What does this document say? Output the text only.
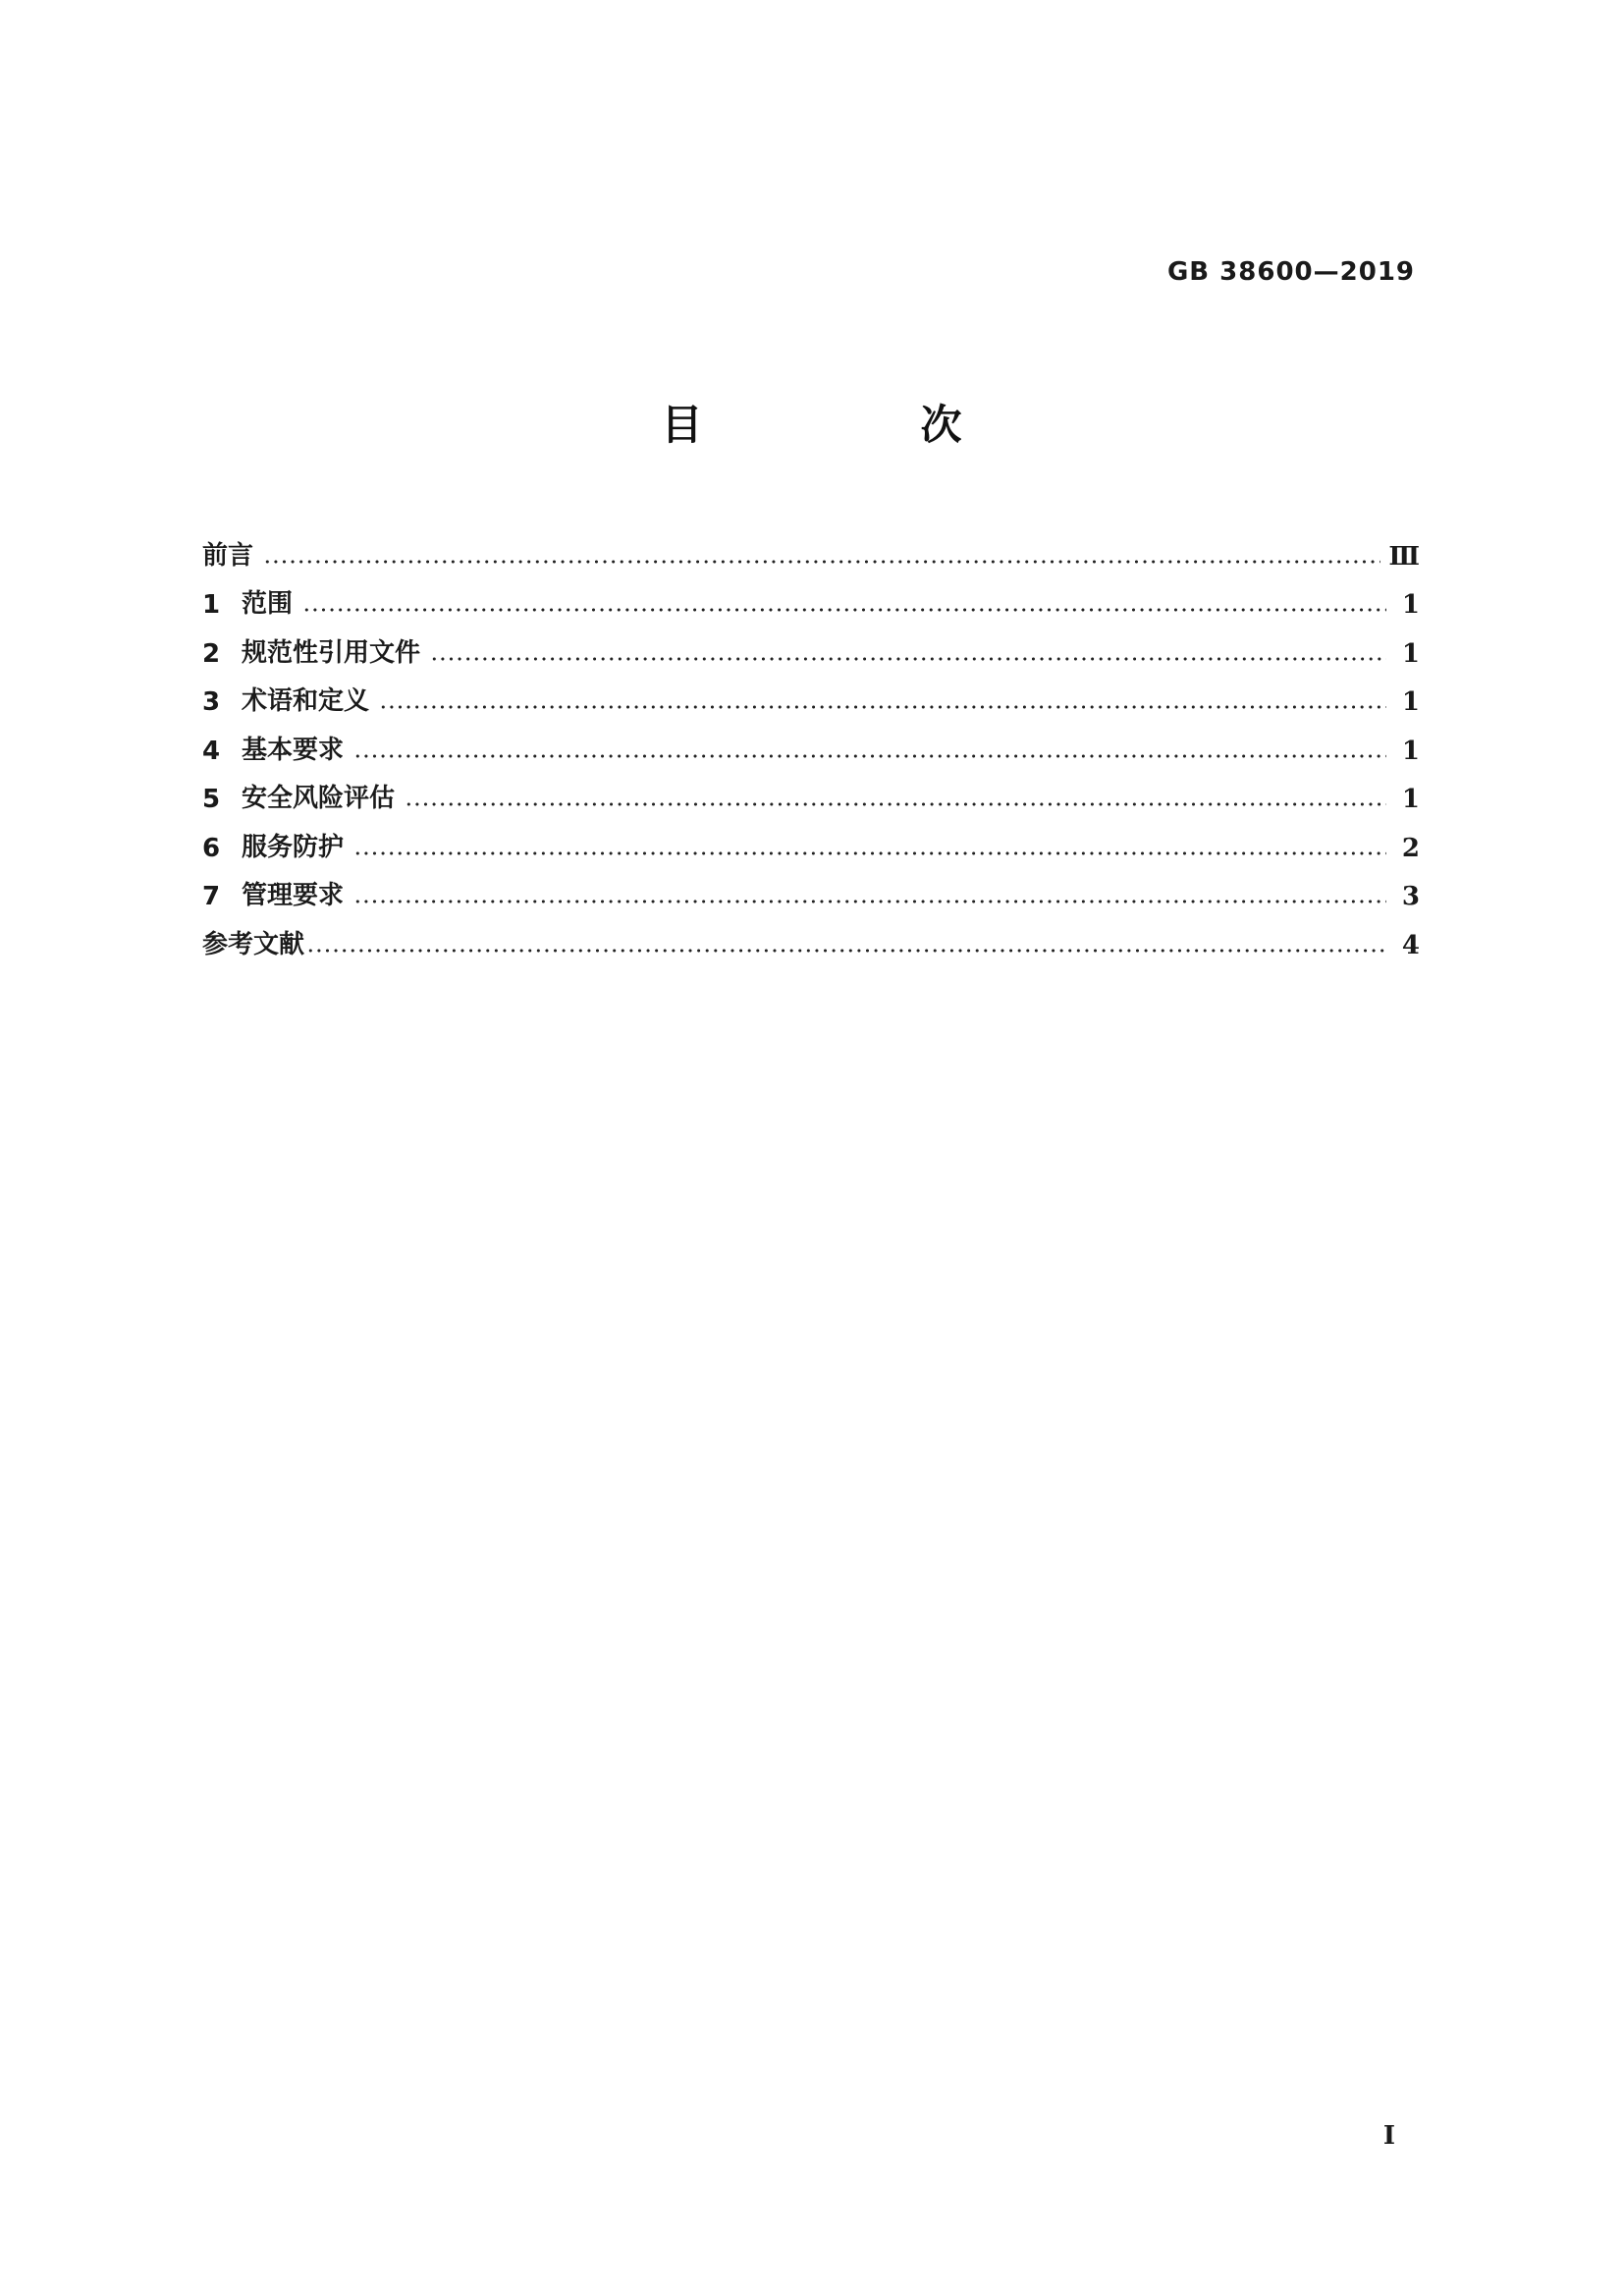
GB 38600—2019
目　次
前言	Ⅲ
1 范围	1
2 规范性引用文件	1
3 术语和定义	1
4 基本要求	1
5 安全风险评估	1
6 服务防护	2
7 管理要求	3
参考文献	4
I
